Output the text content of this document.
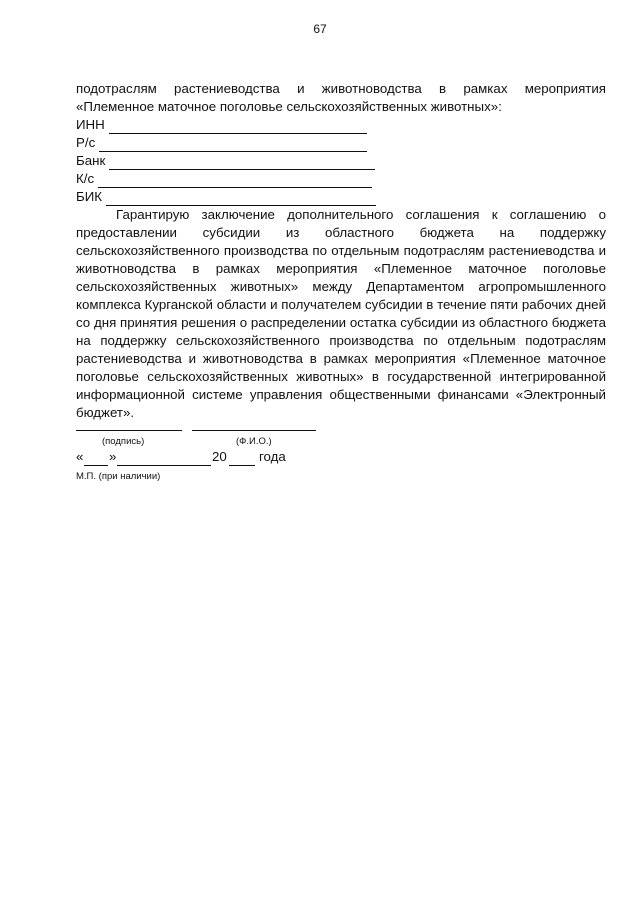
67
подотраслям растениеводства и животноводства в рамках мероприятия «Племенное маточное поголовье сельскохозяйственных животных»:
ИНН
Р/с
Банк
К/с
БИК
Гарантирую заключение дополнительного соглашения к соглашению о предоставлении субсидии из областного бюджета на поддержку сельскохозяйственного производства по отдельным подотраслям растениеводства и животноводства в рамках мероприятия «Племенное маточное поголовье сельскохозяйственных животных» между Департаментом агропромышленного комплекса Курганской области и получателем субсидии в течение пяти рабочих дней со дня принятия решения о распределении остатка субсидии из областного бюджета на поддержку сельскохозяйственного производства по отдельным подотраслям растениеводства и животноводства в рамках мероприятия «Племенное маточное поголовье сельскохозяйственных животных» в государственной интегрированной информационной системе управления общественными финансами «Электронный бюджет».
(подпись)	(Ф.И.О.)
« »	20 года
М.П. (при наличии)
